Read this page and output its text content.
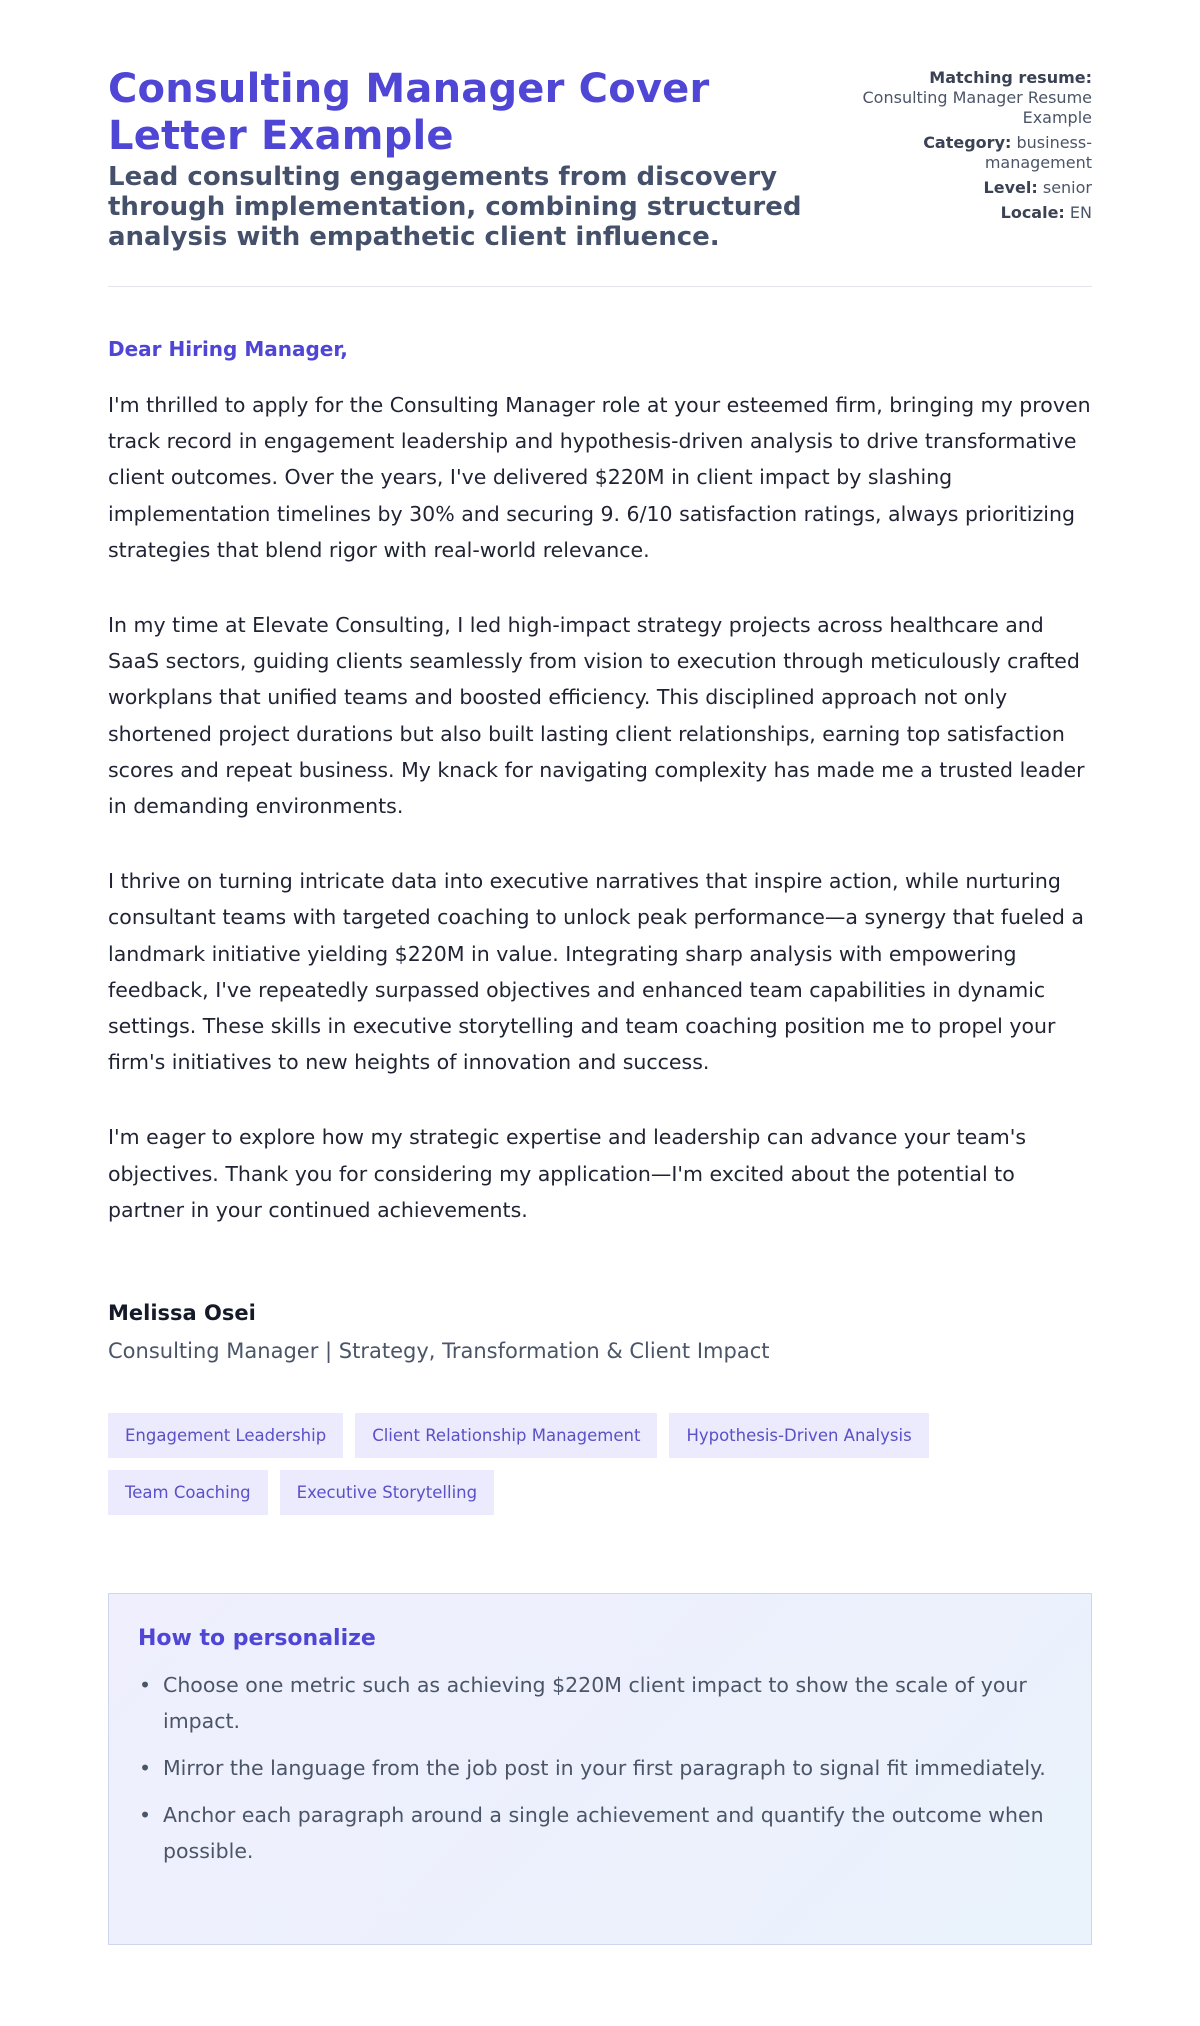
Consulting Manager Cover Letter Example
Lead consulting engagements from discovery through implementation, combining structured analysis with empathetic client influence.
Matching resume:
Consulting Manager Resume Example
Category: business-management
Level: senior
Locale: EN
Dear Hiring Manager,

I'm thrilled to apply for the Consulting Manager role at your esteemed firm, bringing my proven track record in engagement leadership and hypothesis-driven analysis to drive transformative client outcomes. Over the years, I've delivered $220M in client impact by slashing implementation timelines by 30% and securing 9. 6/10 satisfaction ratings, always prioritizing strategies that blend rigor with real-world relevance.

In my time at Elevate Consulting, I led high-impact strategy projects across healthcare and SaaS sectors, guiding clients seamlessly from vision to execution through meticulously crafted workplans that unified teams and boosted efficiency. This disciplined approach not only shortened project durations but also built lasting client relationships, earning top satisfaction scores and repeat business. My knack for navigating complexity has made me a trusted leader in demanding environments.

I thrive on turning intricate data into executive narratives that inspire action, while nurturing consultant teams with targeted coaching to unlock peak performance—a synergy that fueled a landmark initiative yielding $220M in value. Integrating sharp analysis with empowering feedback, I've repeatedly surpassed objectives and enhanced team capabilities in dynamic settings. These skills in executive storytelling and team coaching position me to propel your firm's initiatives to new heights of innovation and success.

I'm eager to explore how my strategic expertise and leadership can advance your team's objectives. Thank you for considering my application—I'm excited about the potential to partner in your continued achievements.

Melissa Osei
Consulting Manager | Strategy, Transformation & Client Impact
Engagement Leadership	Client Relationship Management	Hypothesis-Driven Analysis
Team Coaching	Executive Storytelling
How to personalize
• Choose one metric such as achieving $220M client impact to show the scale of your impact.
• Mirror the language from the job post in your first paragraph to signal fit immediately.
• Anchor each paragraph around a single achievement and quantify the outcome when possible.
